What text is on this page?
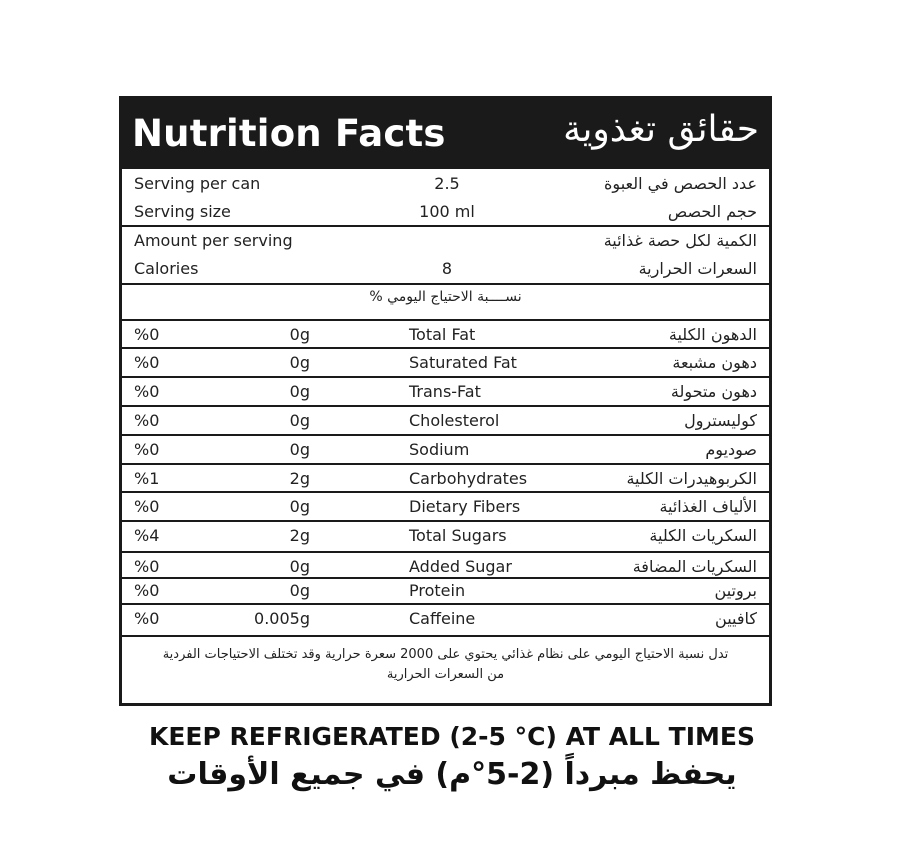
Nutrition Facts	حقائق تغذوية
Serving per can	2.5	عدد الحصص في العبوة
Serving size	100 ml	حجم الحصص
Amount per serving	الكمية لكل حصة غذائية
Calories	8	السعرات الحرارية
نســــبة الاحتياج اليومي %
%0	0g	Total Fat	الدهون الكلية
%0	0g	Saturated Fat	دهون مشبعة
%0	0g	Trans-Fat	دهون متحولة
%0	0g	Cholesterol	كوليسترول
%0	0g	Sodium	صوديوم
%1	2g	Carbohydrates	الكربوهيدرات الكلية
%0	0g	Dietary Fibers	الألياف الغذائية
%4	2g	Total Sugars	السكريات الكلية
%0	0g	Added Sugar	السكريات المضافة
%0	0g	Protein	بروتين
%0	0.005g	Caffeine	كافيين
تدل نسبة الاحتياج اليومي على نظام غذائي يحتوي على 2000 سعرة حرارية وقد تختلف الاحتياجات الفردية
من السعرات الحرارية
KEEP REFRIGERATED (2-5 °C) AT ALL TIMES
يحفظ مبرداً (2-5°م) في جميع الأوقات
